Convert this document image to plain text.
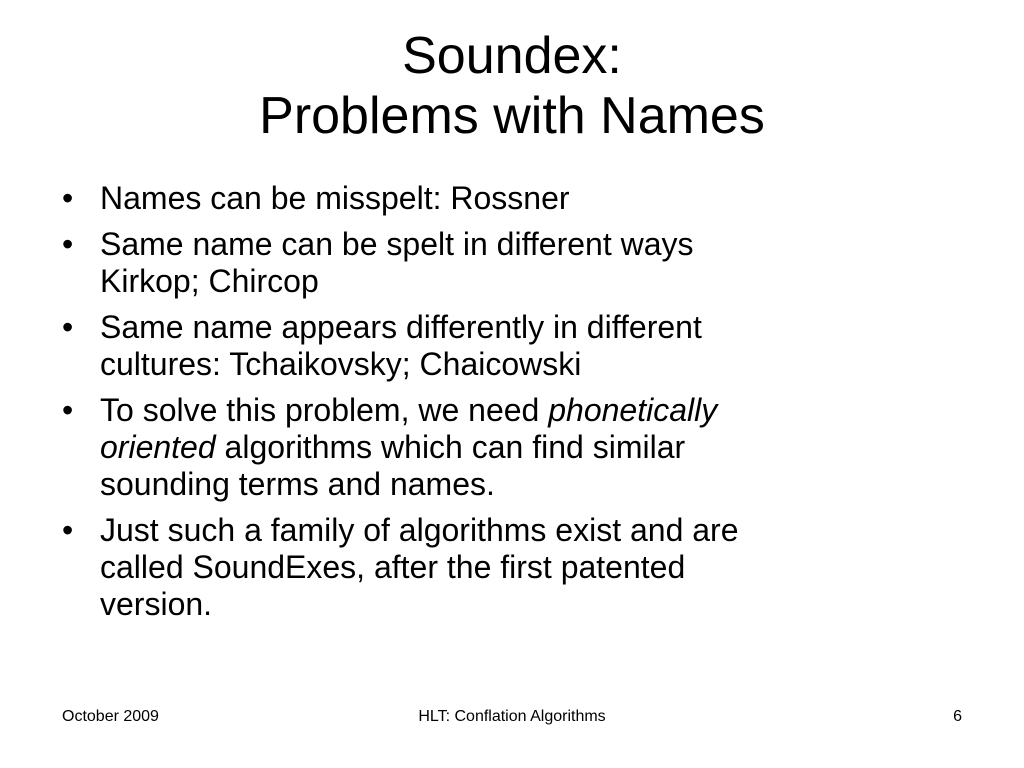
Soundex:
Problems with Names
• Names can be misspelt: Rossner
• Same name can be spelt in different ways
Kirkop; Chircop
• Same name appears differently in different
cultures: Tchaikovsky; Chaicowski
• To solve this problem, we need phonetically
oriented algorithms which can find similar
sounding terms and names.
• Just such a family of algorithms exist and are
called SoundExes, after the first patented
version.
October 2009	HLT: Conflation Algorithms	6
